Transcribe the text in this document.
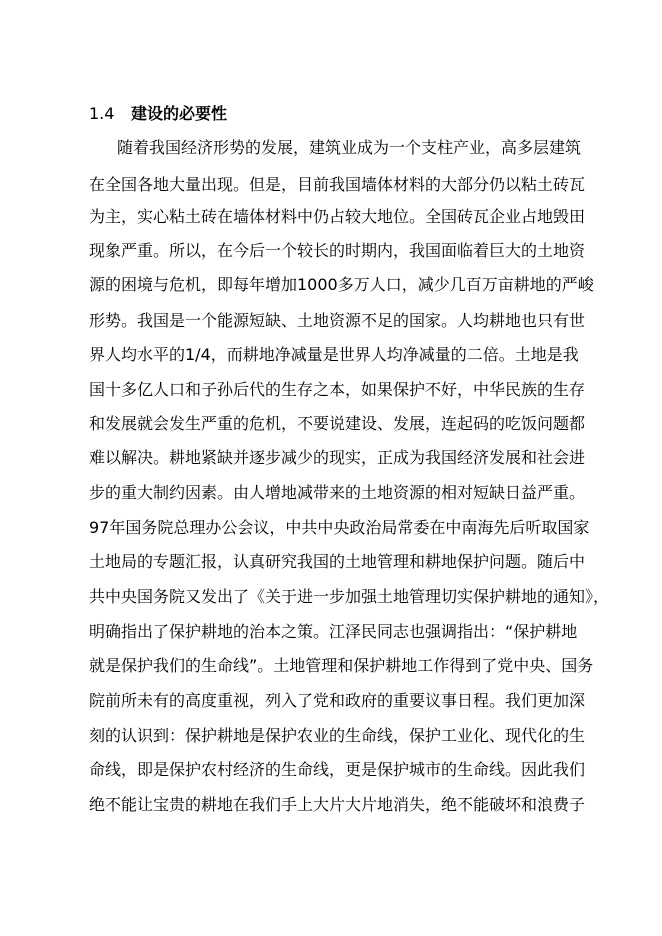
1.4 建设的必要性
随着我国经济形势的发展，建筑业成为一个支柱产业，高多层建筑
在全国各地大量出现。但是，目前我国墙体材料的大部分仍以粘土砖瓦
为主，实心粘土砖在墙体材料中仍占较大地位。全国砖瓦企业占地毁田
现象严重。所以，在今后一个较长的时期内，我国面临着巨大的土地资
源的困境与危机，即每年增加1000多万人口，减少几百万亩耕地的严峻
形势。我国是一个能源短缺、土地资源不足的国家。人均耕地也只有世
界人均水平的1/4，而耕地净减量是世界人均净减量的二倍。土地是我
国十多亿人口和子孙后代的生存之本，如果保护不好，中华民族的生存
和发展就会发生严重的危机，不要说建设、发展，连起码的吃饭问题都
难以解决。耕地紧缺并逐步减少的现实，正成为我国经济发展和社会进
步的重大制约因素。由人增地减带来的土地资源的相对短缺日益严重。
97年国务院总理办公会议，中共中央政治局常委在中南海先后听取国家
土地局的专题汇报，认真研究我国的土地管理和耕地保护问题。随后中
共中央国务院又发出了《关于进一步加强土地管理切实保护耕地的通知》，
明确指出了保护耕地的治本之策。江泽民同志也强调指出：“保护耕地
就是保护我们的生命线”。土地管理和保护耕地工作得到了党中央、国务
院前所未有的高度重视，列入了党和政府的重要议事日程。我们更加深
刻的认识到：保护耕地是保护农业的生命线，保护工业化、现代化的生
命线，即是保护农村经济的生命线，更是保护城市的生命线。因此我们
绝不能让宝贵的耕地在我们手上大片大片地消失，绝不能破坏和浪费子
